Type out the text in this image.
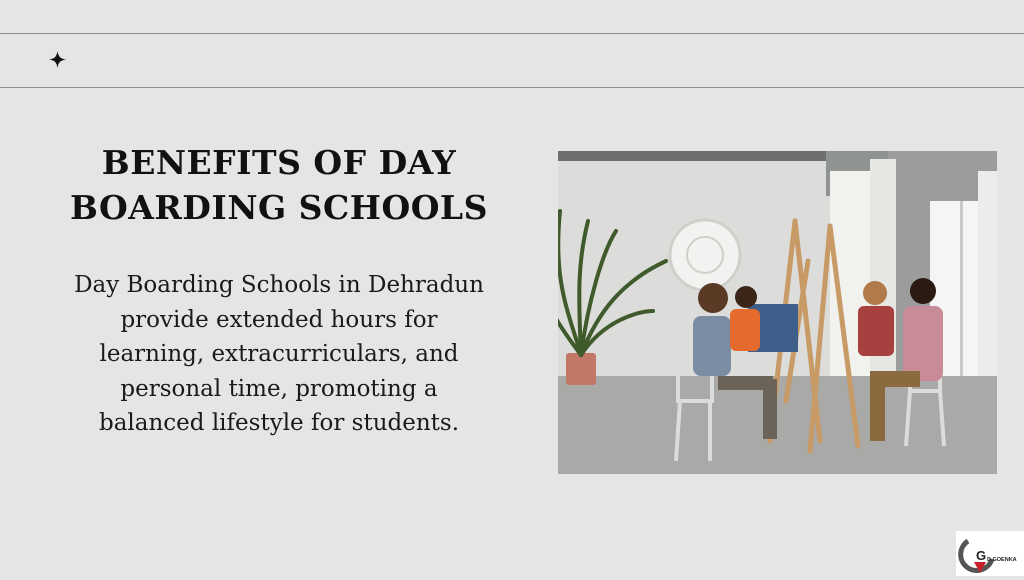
BENEFITS OF DAY BOARDING SCHOOLS

Day Boarding Schools in Dehradun provide extended hours for learning, extracurriculars, and personal time, promoting a balanced lifestyle for students.

G D.GOENKA
